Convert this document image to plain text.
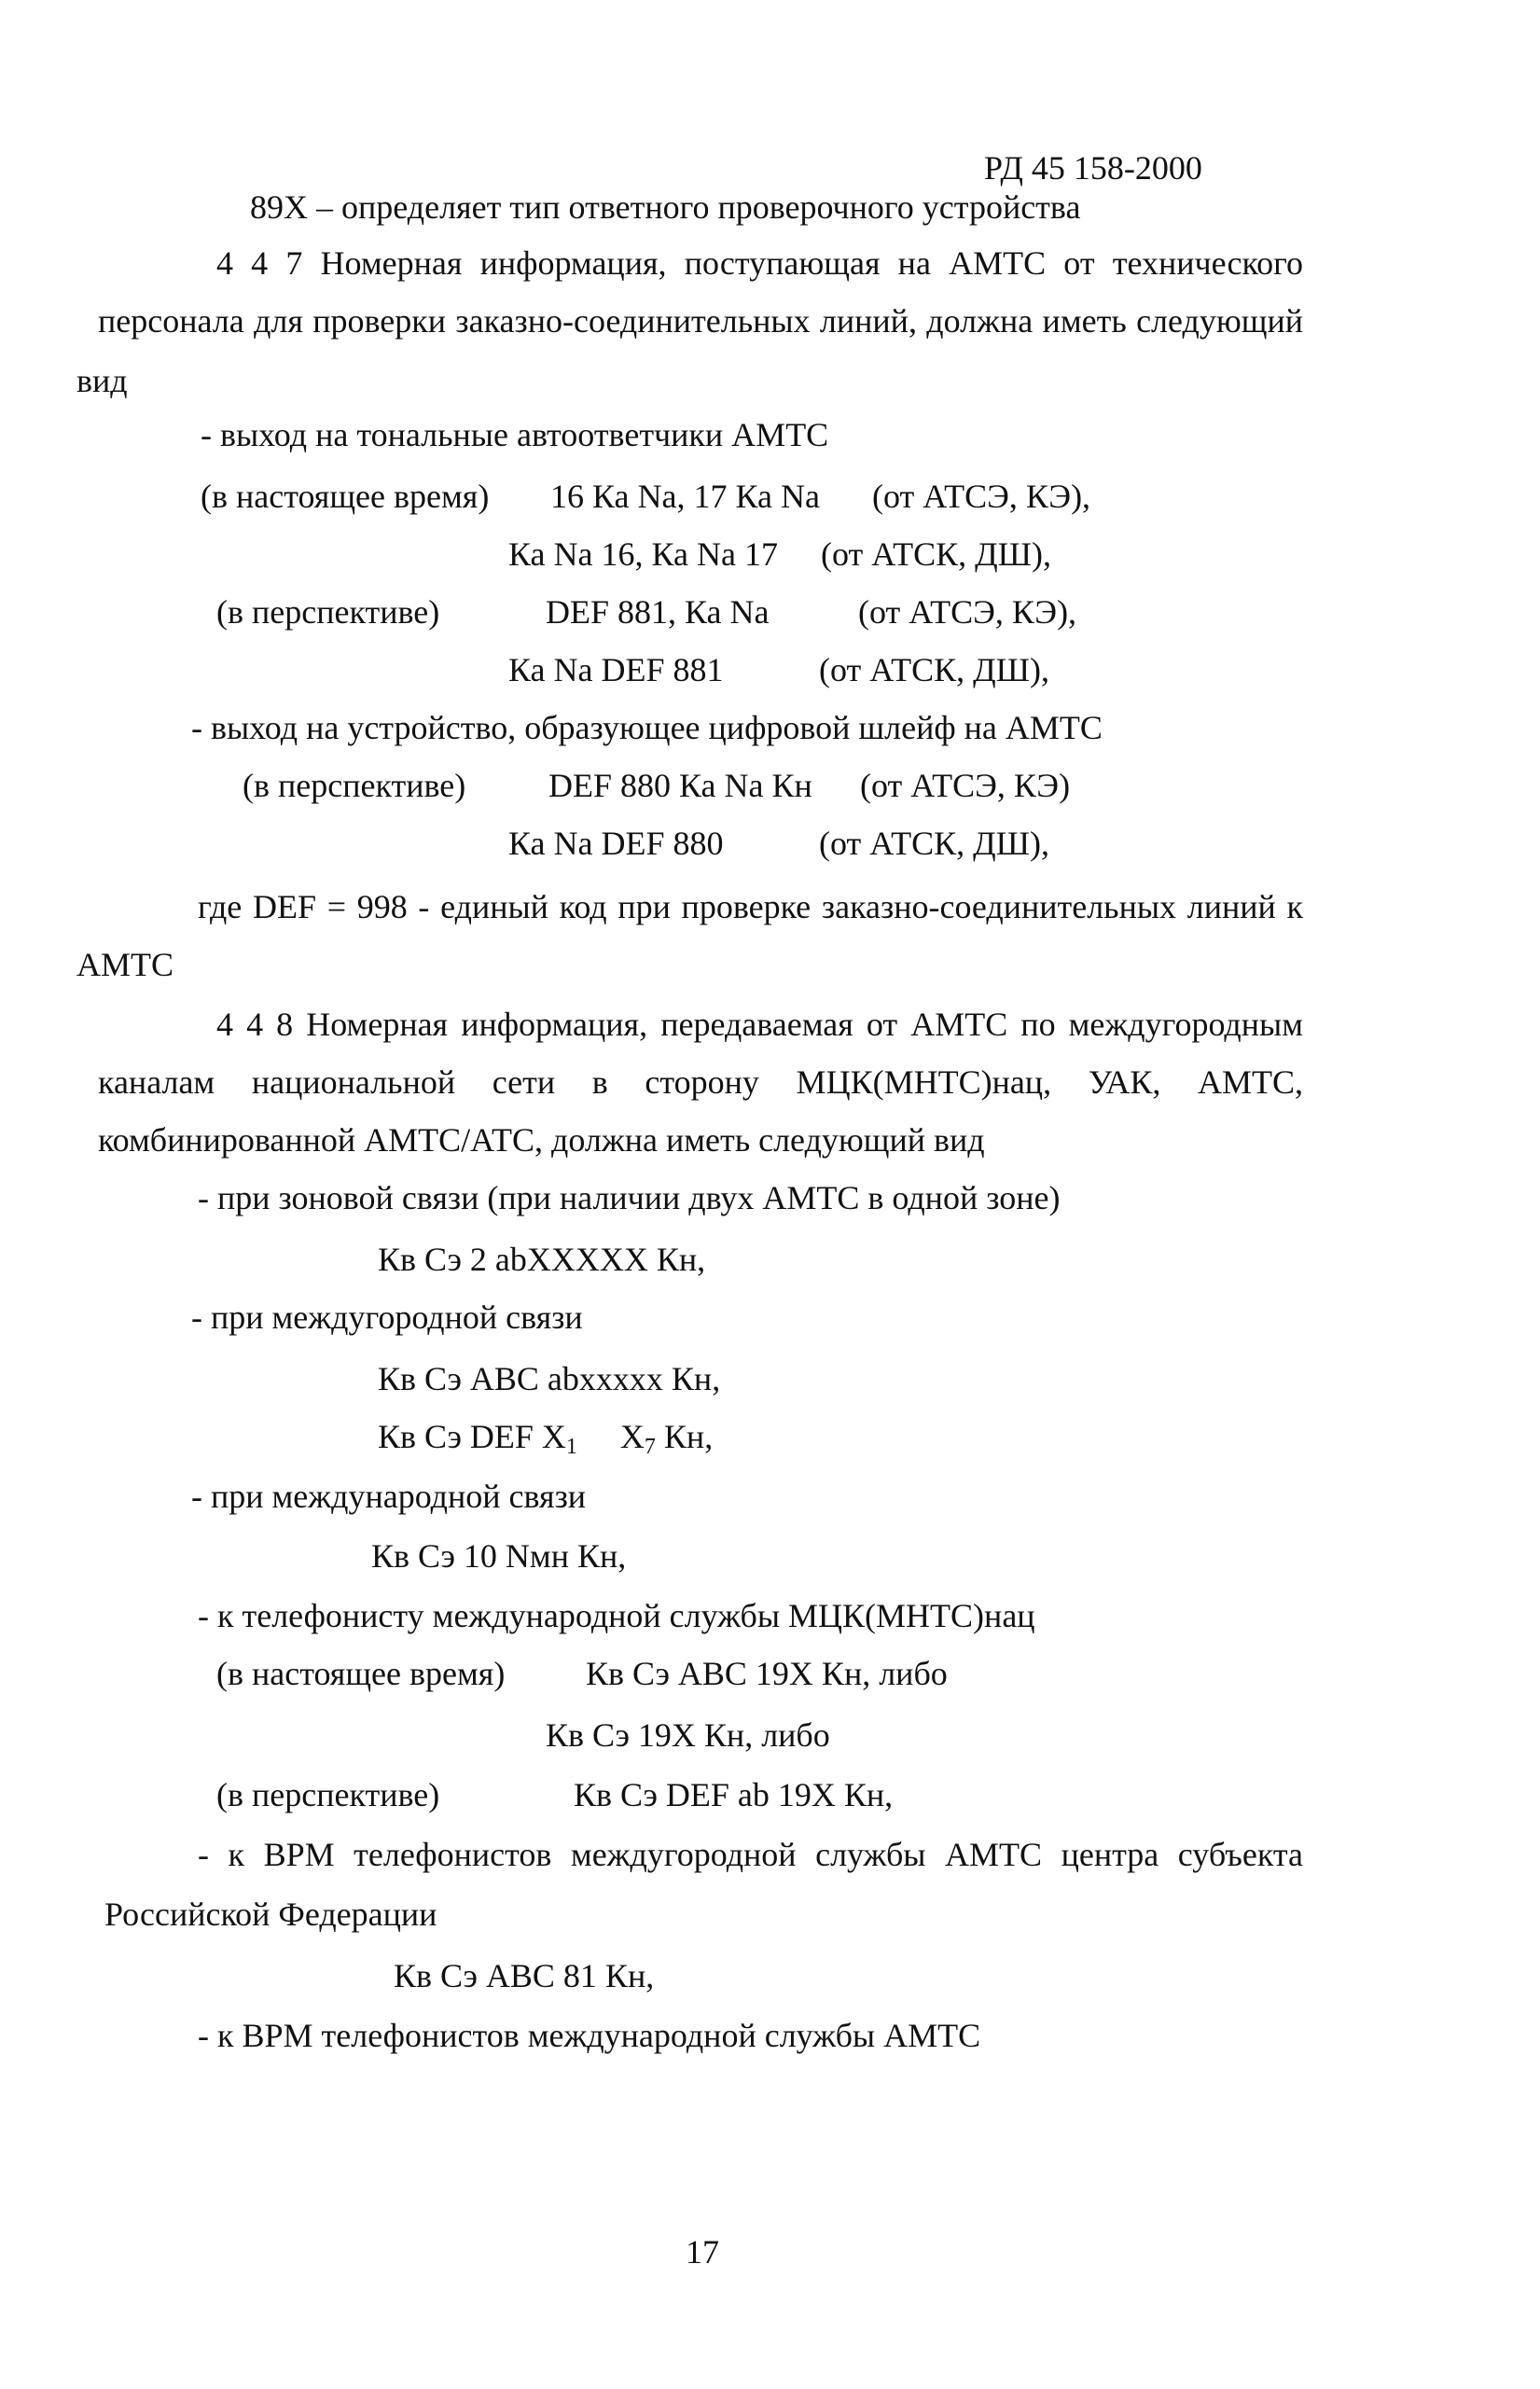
РД 45 158-2000
89X – определяет тип ответного проверочного устройства
4 4 7 Номерная информация, поступающая на АМТС от технического
персонала для проверки заказно-соединительных линий, должна иметь следующий
вид
- выход на тональные автоответчики АМТС
(в настоящее время) 16 Ка Na, 17 Ка Na (от АТСЭ, КЭ),
Ка Na 16, Ка Na 17 (от АТСК, ДШ),
(в перспективе)	DEF 881, Ка Na	(от АТСЭ, КЭ),
Ка Na DEF 881	(от АТСК, ДШ),
- выход на устройство, образующее цифровой шлейф на АМТС
(в перспективе) DEF 880 Ка Na Кн (от АТСЭ, КЭ)
Ка Na DEF 880	(от АТСК, ДШ),
где DEF = 998 - единый код при проверке заказно-соединительных линий к
АМТС
4 4 8 Номерная информация, передаваемая от АМТС по междугородным
каналам национальной сети в сторону МЦК(МНТС)нац, УАК, АМТС,
комбинированной АМТС/АТС, должна иметь следующий вид
- при зоновой связи (при наличии двух АМТС в одной зоне)
Кв Сэ 2 abXXXXX Кн,
- при междугородной связи
Кв Сэ ABC abxxxxx Кн,
Кв Сэ DEF $X_1$ $X_7$ Кн,
- при международной связи
Кв Сэ 10 Nмн Кн,
- к телефонисту международной службы МЦК(МНТС)нац
(в настоящее время) Кв Сэ ABC 19X Кн, либо
Кв Сэ 19X Кн, либо
(в перспективе)	Кв Сэ DEF ab 19X Кн,
- к ВРМ телефонистов междугородной службы АМТС центра субъекта
Российской Федерации
Кв Сэ ABC 81 Кн,
- к ВРМ телефонистов международной службы АМТС
17
